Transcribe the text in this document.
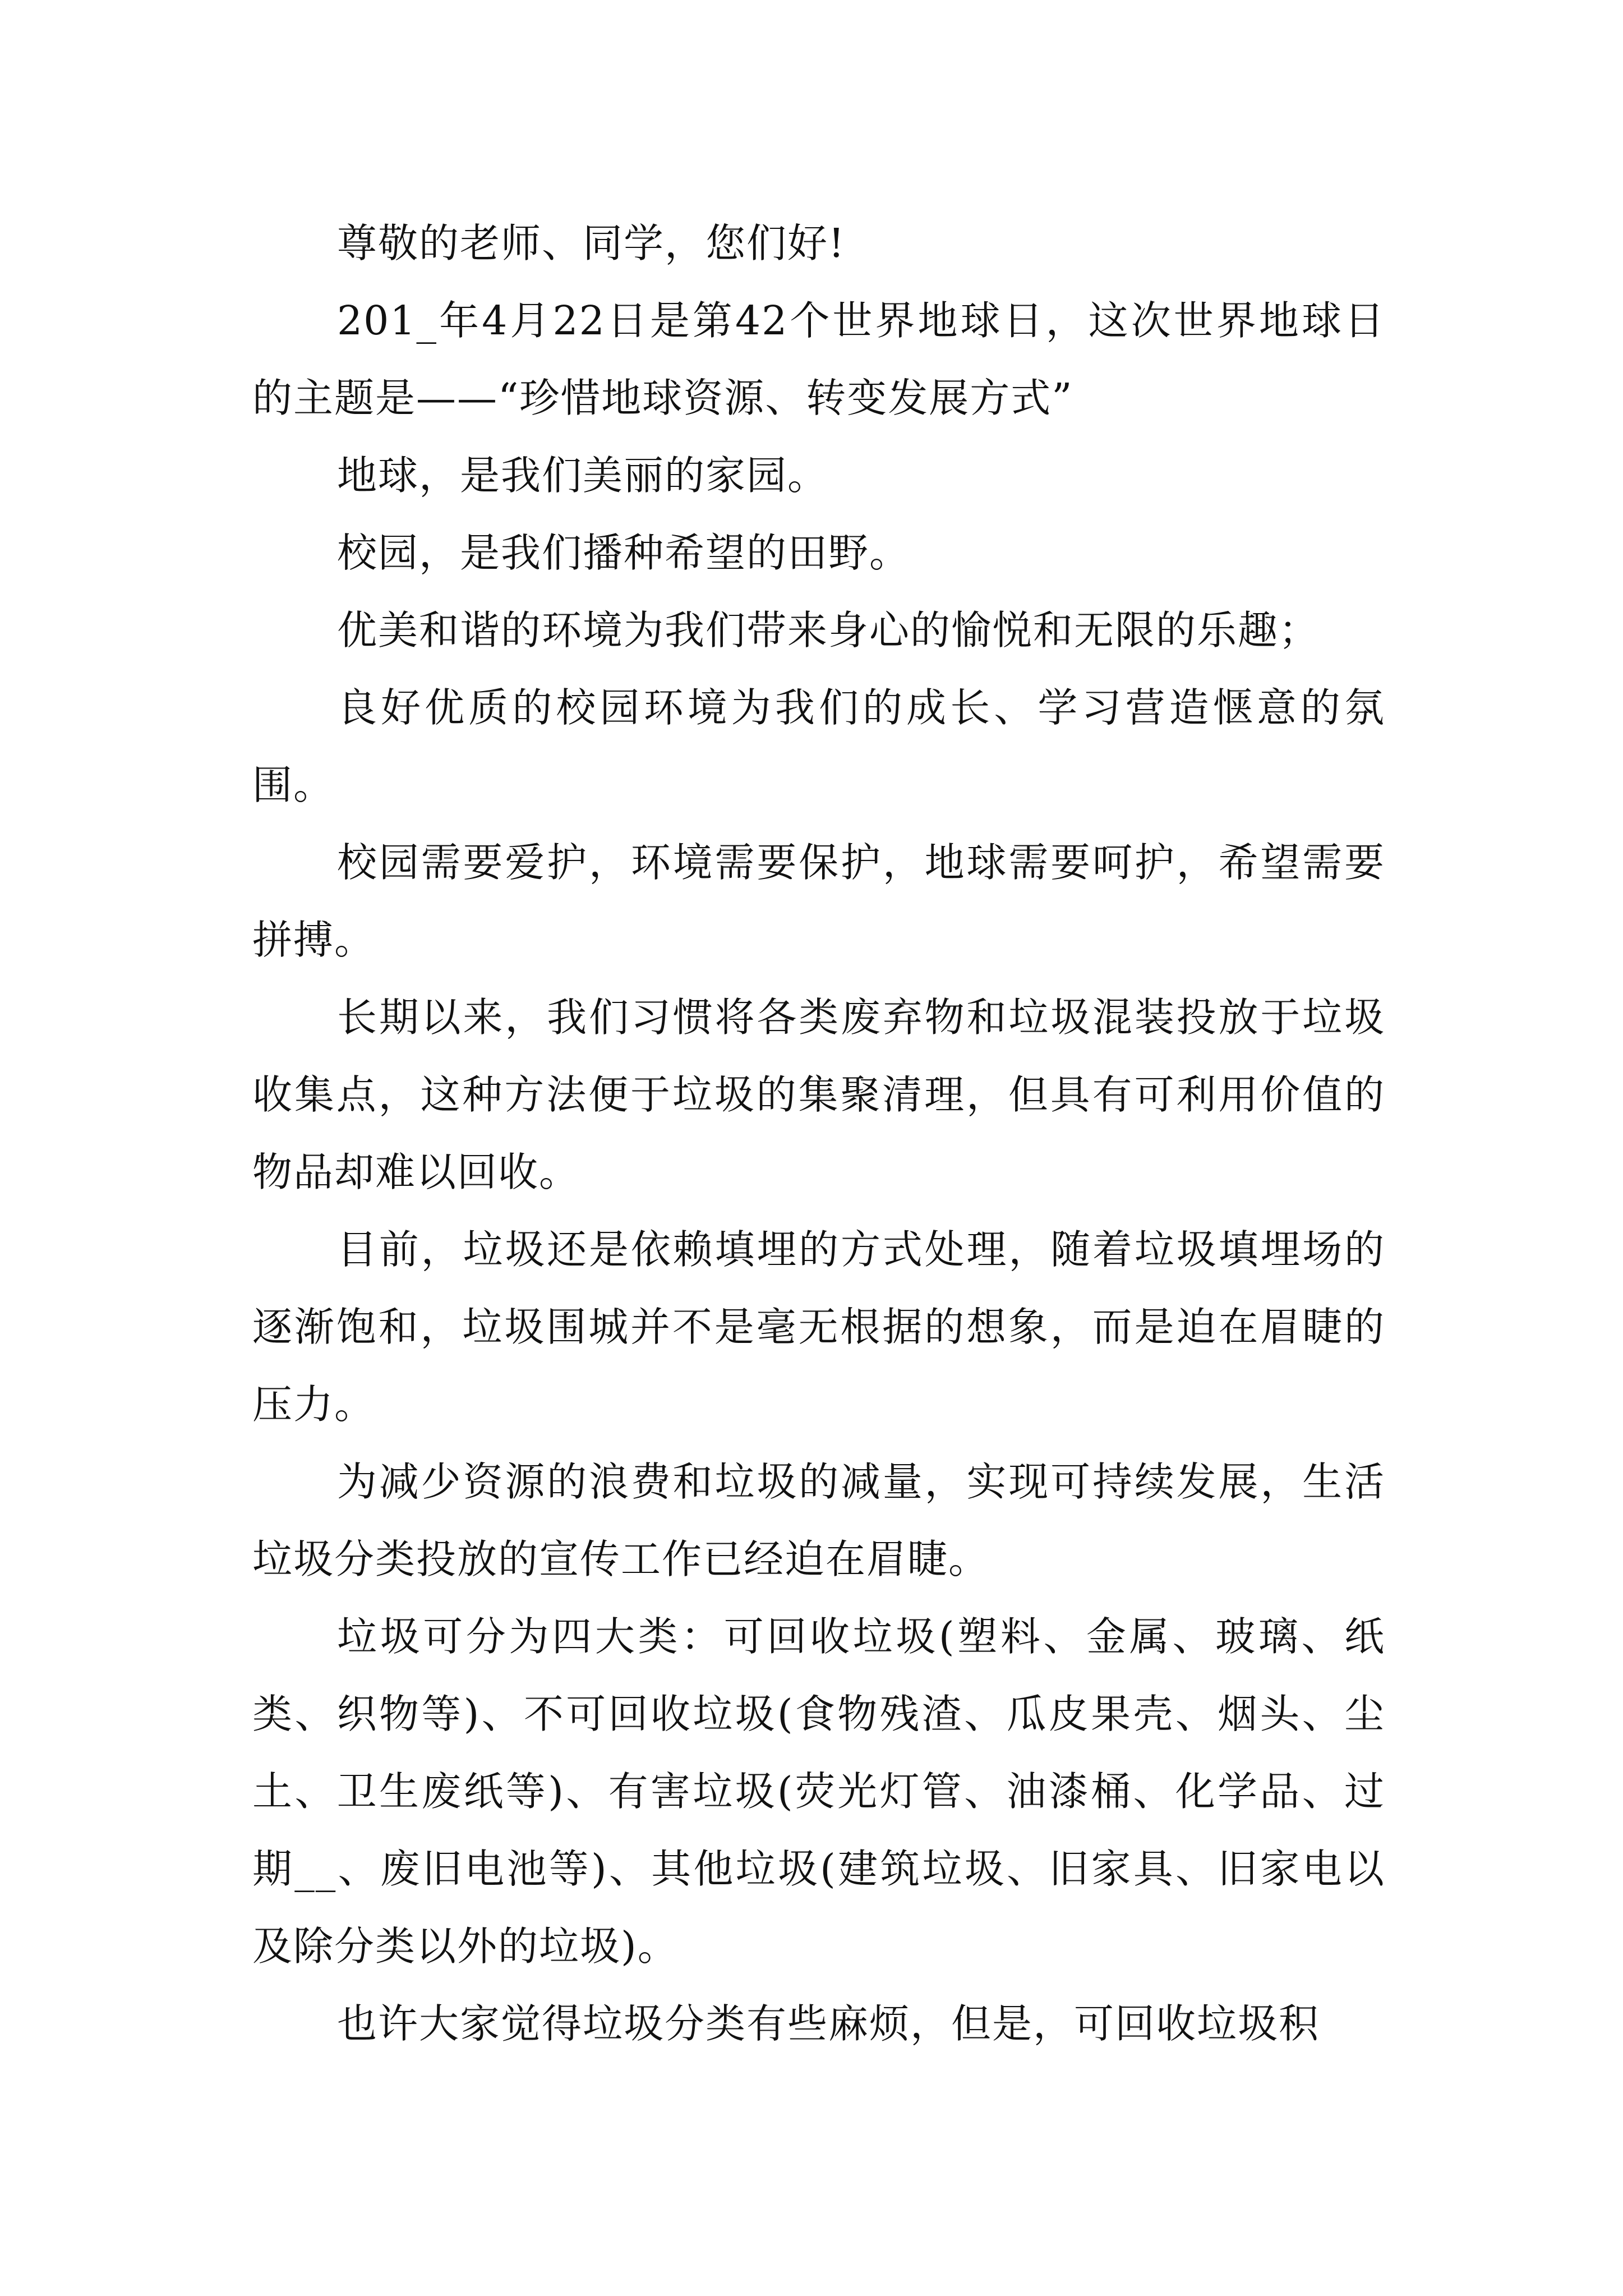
尊敬的老师、同学，您们好!

201_年4月22日是第42个世界地球日，这次世界地球日的主题是——“珍惜地球资源、转变发展方式”

地球，是我们美丽的家园。

校园，是我们播种希望的田野。

优美和谐的环境为我们带来身心的愉悦和无限的乐趣；

良好优质的校园环境为我们的成长、学习营造惬意的氛围。

校园需要爱护，环境需要保护，地球需要呵护，希望需要拼搏。

长期以来，我们习惯将各类废弃物和垃圾混装投放于垃圾收集点，这种方法便于垃圾的集聚清理，但具有可利用价值的物品却难以回收。

目前，垃圾还是依赖填埋的方式处理，随着垃圾填埋场的逐渐饱和，垃圾围城并不是毫无根据的想象，而是迫在眉睫的压力。

为减少资源的浪费和垃圾的减量，实现可持续发展，生活垃圾分类投放的宣传工作已经迫在眉睫。

垃圾可分为四大类：可回收垃圾(塑料、金属、玻璃、纸类、织物等)、不可回收垃圾(食物残渣、瓜皮果壳、烟头、尘土、卫生废纸等)、有害垃圾(荧光灯管、油漆桶、化学品、过期__、废旧电池等)、其他垃圾(建筑垃圾、旧家具、旧家电以及除分类以外的垃圾)。

也许大家觉得垃圾分类有些麻烦，但是，可回收垃圾积
